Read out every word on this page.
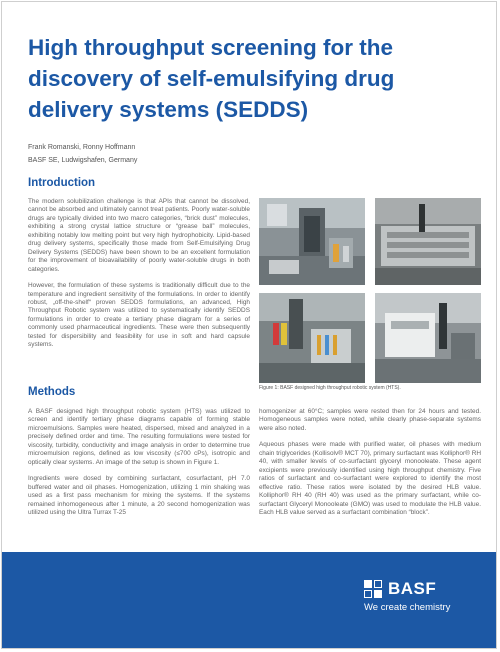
High throughput screening for the discovery of self-emulsifying drug delivery systems (SEDDS)
Frank Romanski, Ronny Hoffmann
BASF SE, Ludwigshafen, Germany
Introduction

The modern solubilization challenge is that APIs that cannot be dissolved, cannot be absorbed and ultimately cannot treat patients. Poorly water-soluble drugs are typically divided into two macro categories, “brick dust” molecules, exhibiting a strong crystal lattice structure or “grease ball” molecules, exhibiting notably low melting point but very high hydrophobicity. Lipid-based drug delivery systems, specifically those made from Self-Emulsifying Drug Delivery Systems (SEDDS) have been shown to be an excellent formulation for the improvement of bioavailability of poorly water-soluble drugs in both categories.

However, the formulation of these systems is traditionally difficult due to the temperature and ingredient sensitivity of the formulations. In order to identify robust, „off-the-shelf“ proven SEDDS formulations, an advanced, High Throughput Robotic system was utilized to systematically identify SEDDS formulations in order to create a tertiary phase diagram for a series of commonly used pharmaceutical ingredients. These were then subsequently tested for dispersibility and feasibility for use in soft and hard capsule systems.

Methods

A BASF designed high throughput robotic system (HTS) was utilized to screen and identify tertiary phase diagrams capable of forming stable microemulsions. Samples were heated, dispersed, mixed and analyzed in a precisely defined order and time. The resulting formulations were tested for viscosity, turbidity, conductivity and image analysis in order to determine true microemulsion regions, defined as low viscosity (≤700 cPs), isotropic and optically clear systems. An image of the setup is shown in Figure 1.

Ingredients were dosed by combining surfactant, cosurfactant, pH 7.0 buffered water and oil phases. Homogenization, utilizing 1 min shaking was used as a first pass mechanism for mixing the systems. If the systems remained inhomogeneous after 1 minute, a 20 second homogenization was utilized using the Ultra Turrax T-25

homogenizer at 60°C; samples were rested then for 24 hours and tested. Homogeneous samples were noted, while clearly phase-separate systems were also noted.

Aqueous phases were made with purified water, oil phases with medium chain triglycerides (Kollisolv® MCT 70), primary surfactant was Kolliphor® RH 40, with smaller levels of co-surfactant glyceryl monooleate. These agent excipients were previously identified using high throughput chemistry. Five ratios of surfactant and co-surfactant were explored to identify the most effective ratio. These ratios were isolated by the desired HLB value. Kolliphor® RH 40 (RH 40) was used as the primary surfactant, while co-surfactant Glyceryl Monooleate (GMO) was used to modulate the HLB value. Each HLB value served as a surfactant combination “block”.

Figure 1: BASF designed high throughput robotic system (HTS).
BASF
We create chemistry
